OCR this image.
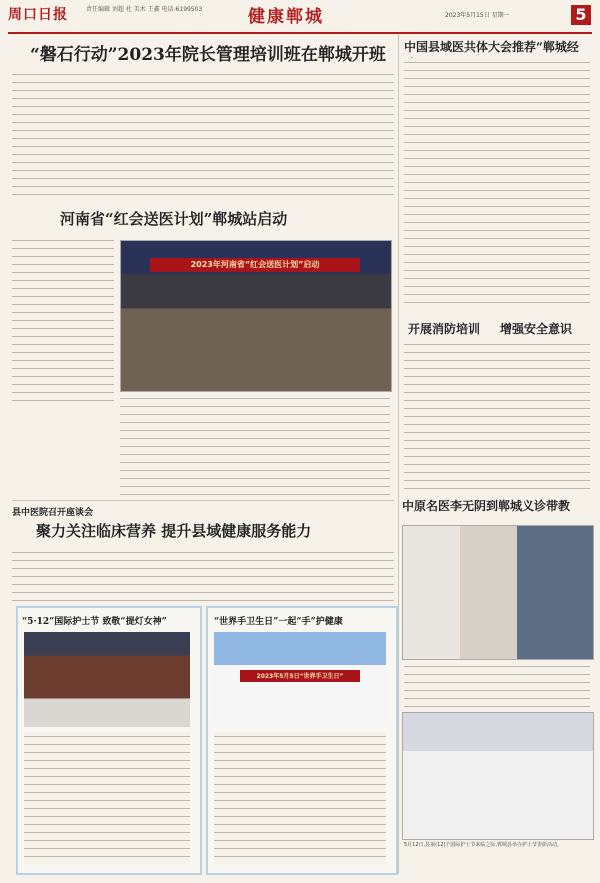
周口日报	责任编辑 刘超 杜 美术 王鑫 电话:6199503	健康郸城	2023年5月15日 星期一	5
“磐石行动”2023年院长管理培训班在郸城开班
河南省“红会送医计划”郸城站启动
2023年河南省“红会送医计划”启动
县中医院召开座谈会
聚力关注临床营养 提升县域健康服务能力
“5·12”国际护士节 致敬“提灯女神”	“世界手卫生日”一起“手”护健康
2023年5月5日“世界手卫生日”
中国县域医共体大会推荐“郸城经
开展消防培训	增强安全意识
中原名医李无阴到郸城义诊带教
5月12日,县第(12)个国际护士节来临之际,郸城县举办护士节表彰活动。
